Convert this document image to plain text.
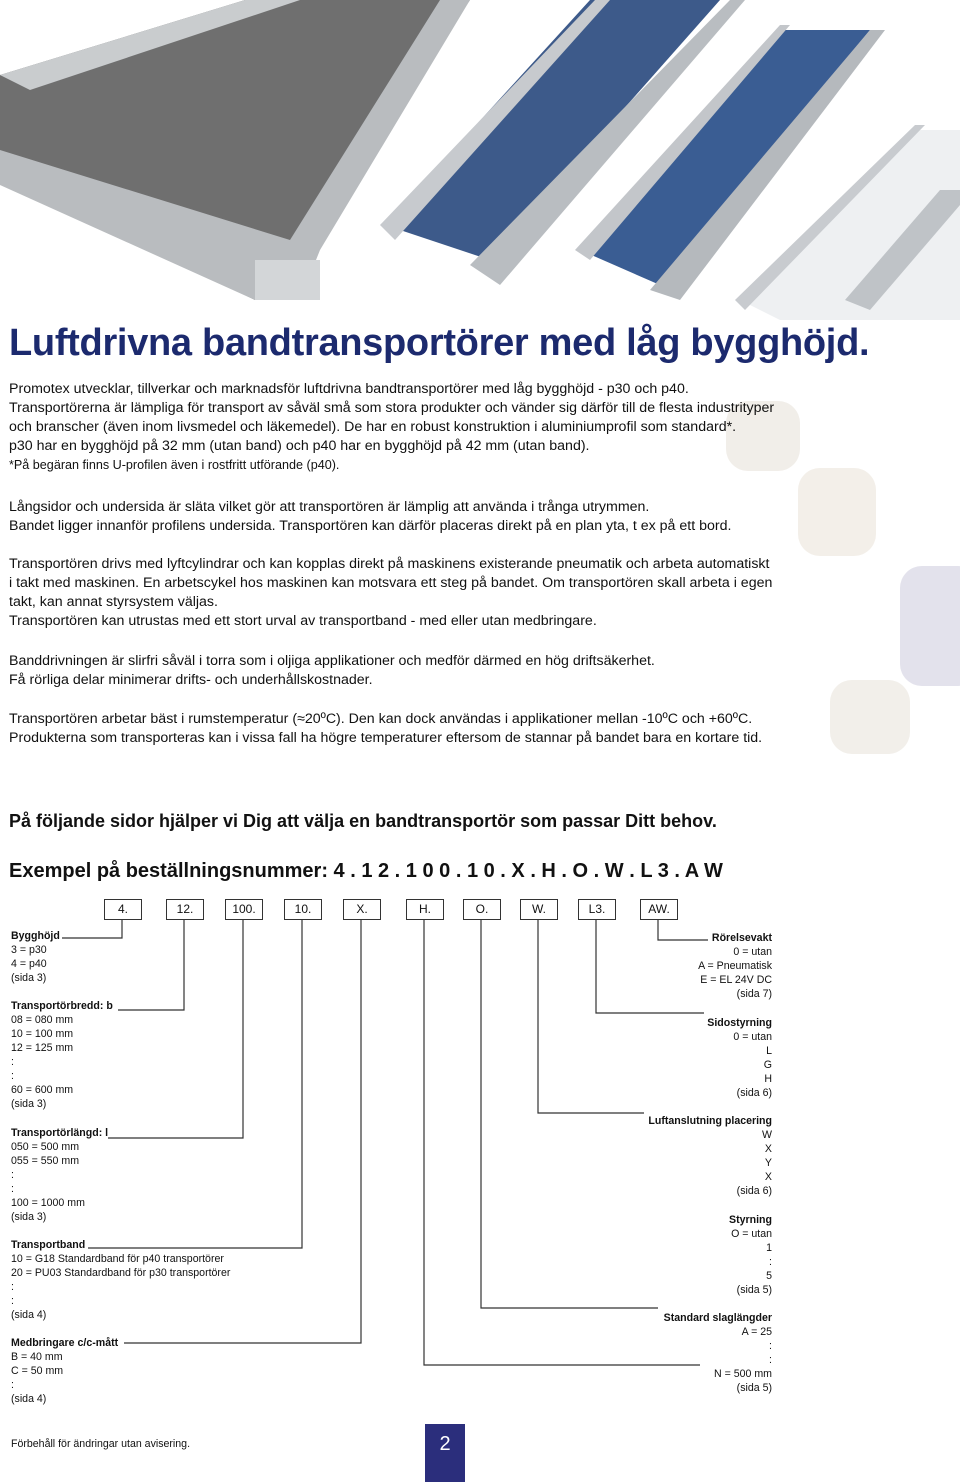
Luftdrivna bandtransportörer med låg bygghöjd.
Promotex utvecklar, tillverkar och marknadsför luftdrivna bandtransportörer med låg bygghöjd - p30 och p40.
Transportörerna är lämpliga för transport av såväl små som stora produkter och vänder sig därför till de flesta industrityper
och branscher (även inom livsmedel och läkemedel). De har en robust konstruktion i aluminiumprofil som standard*.
p30 har en bygghöjd på 32 mm (utan band) och p40 har en bygghöjd på 42 mm (utan band).
*På begäran finns U-profilen även i rostfritt utförande (p40).
Långsidor och undersida är släta vilket gör att transportören är lämplig att använda i trånga utrymmen.
Bandet ligger innanför profilens undersida. Transportören kan därför placeras direkt på en plan yta, t ex på ett bord.
Transportören drivs med lyftcylindrar och kan kopplas direkt på maskinens existerande pneumatik och arbeta automatiskt
i takt med maskinen. En arbetscykel hos maskinen kan motsvara ett steg på bandet. Om transportören skall arbeta i egen
takt, kan annat styrsystem väljas.
Transportören kan utrustas med ett stort urval av transportband - med eller utan medbringare.
Banddrivningen är slirfri såväl i torra som i oljiga applikationer och medför därmed en hög driftsäkerhet.
Få rörliga delar minimerar drifts- och underhållskostnader.
Transportören arbetar bäst i rumstemperatur (≈20ºC). Den kan dock användas i applikationer mellan -10ºC och +60ºC.
Produkterna som transporteras kan i vissa fall ha högre temperaturer eftersom de stannar på bandet bara en kortare tid.
På följande sidor hjälper vi Dig att välja en bandtransportör som passar Ditt behov.
Exempel på beställningsnummer: 4 . 1 2 . 1 0 0 . 1 0 . X . H . O . W . L 3 . A W
4.	12.	100.	10.	X.	H.	O.	W.	L3.	AW.
Bygghöjd
3 = p30
4 = p40
(sida 3)
Transportörbredd: b
08 = 080 mm
10 = 100 mm
12 = 125 mm
:
:
60 = 600 mm
(sida 3)
Transportörlängd: l
050 = 500 mm
055 = 550 mm
:
:
100 = 1000 mm
(sida 3)
Transportband
10 = G18 Standardband för p40 transportörer
20 = PU03 Standardband för p30 transportörer
:
:
(sida 4)
Medbringare c/c-mått
B = 40 mm
C = 50 mm
:
(sida 4)
Rörelsevakt
0 = utan
A = Pneumatisk
E = EL 24V DC
(sida 7)
Sidostyrning
0 = utan
L
G
H
(sida 6)
Luftanslutning placering
W
X
Y
X
(sida 6)
Styrning
O = utan
1
:
5
(sida 5)
Standard slaglängder
A = 25
:
:
N = 500 mm
(sida 5)
Förbehåll för ändringar utan avisering.	2
